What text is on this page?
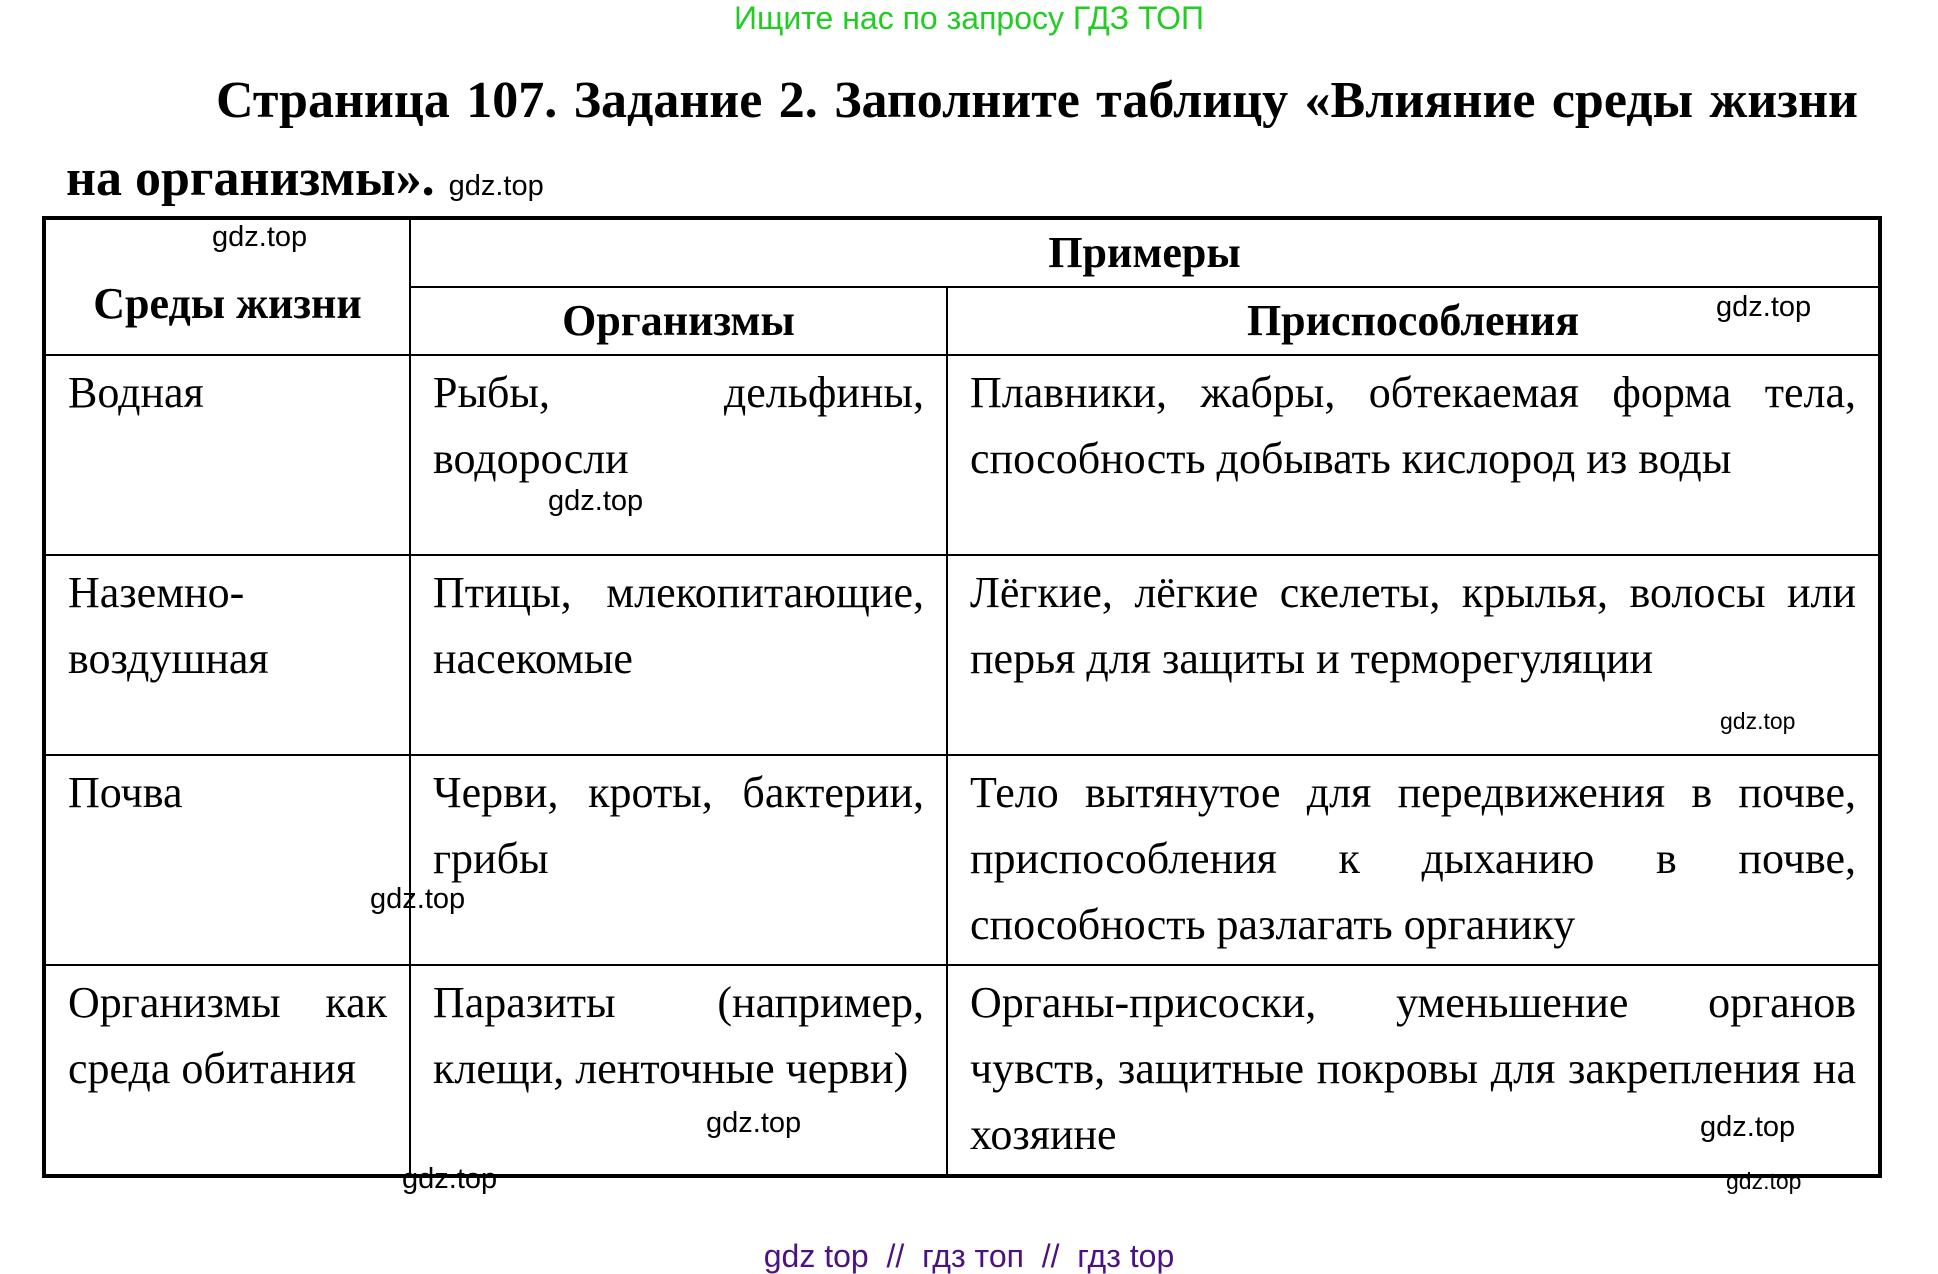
Ищите нас по запросу ГДЗ ТОП
Страница 107. Задание 2. Заполните таблицу «Влияние среды жизни на организмы». gdz.top
Среды жизни	Примеры	
	Организмы	Приспособления
Водная	Рыбы, дельфины, водоросли	Плавники, жабры, обтекаемая форма тела, способность добывать кислород из воды
Наземно-воздушная	Птицы, млекопитающие, насекомые	Лёгкие, лёгкие скелеты, крылья, волосы или перья для защиты и терморегуляции
Почва	Черви, кроты, бактерии, грибы	Тело вытянутое для передвижения в почве, приспособления к дыханию в почве, способность разлагать органику
Организмы как среда обитания	Паразиты (например, клещи, ленточные черви)	Органы-присоски, уменьшение органов чувств, защитные покровы для закрепления на хозяине
gdz.top
gdz.top
gdz.top
gdz.top
gdz.top
gdz.top
gdz.top
gdz.top	gdz.top
gdz top  //  гдз топ  //  гдз top
